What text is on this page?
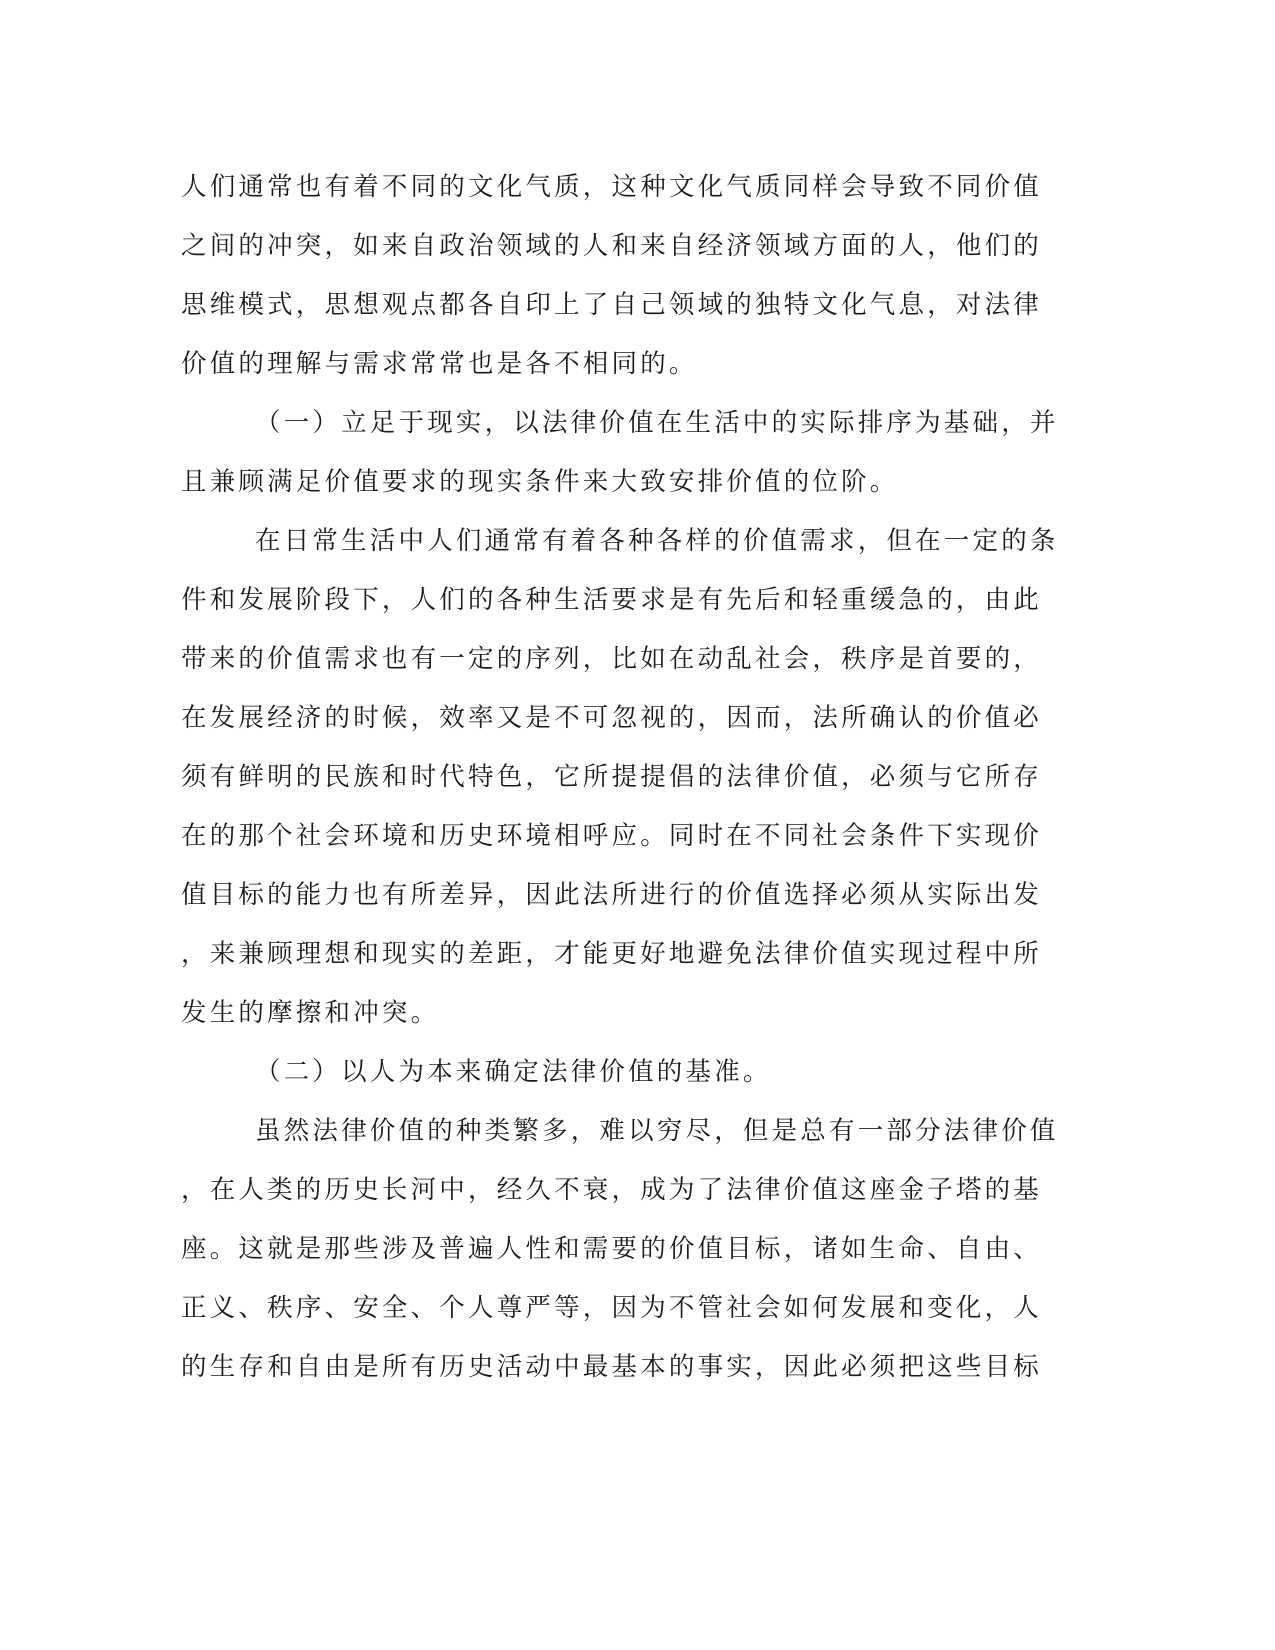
人们通常也有着不同的文化气质，这种文化气质同样会导致不同价值
之间的冲突，如来自政治领域的人和来自经济领域方面的人，他们的
思维模式，思想观点都各自印上了自己领域的独特文化气息，对法律
价值的理解与需求常常也是各不相同的。
（一）立足于现实，以法律价值在生活中的实际排序为基础，并
且兼顾满足价值要求的现实条件来大致安排价值的位阶。
在日常生活中人们通常有着各种各样的价值需求，但在一定的条
件和发展阶段下，人们的各种生活要求是有先后和轻重缓急的，由此
带来的价值需求也有一定的序列，比如在动乱社会，秩序是首要的，
在发展经济的时候，效率又是不可忽视的，因而，法所确认的价值必
须有鲜明的民族和时代特色，它所提提倡的法律价值，必须与它所存
在的那个社会环境和历史环境相呼应。同时在不同社会条件下实现价
值目标的能力也有所差异，因此法所进行的价值选择必须从实际出发
，来兼顾理想和现实的差距，才能更好地避免法律价值实现过程中所
发生的摩擦和冲突。
（二）以人为本来确定法律价值的基准。
虽然法律价值的种类繁多，难以穷尽，但是总有一部分法律价值
，在人类的历史长河中，经久不衰，成为了法律价值这座金子塔的基
座。这就是那些涉及普遍人性和需要的价值目标，诸如生命、自由、
正义、秩序、安全、个人尊严等，因为不管社会如何发展和变化，人
的生存和自由是所有历史活动中最基本的事实，因此必须把这些目标
